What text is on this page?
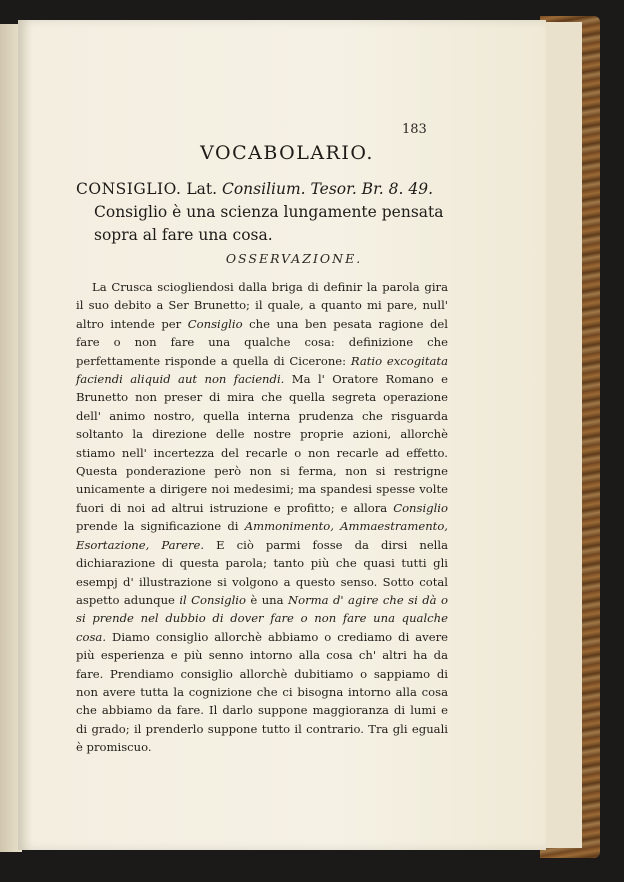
183
VOCABOLARIO.
CONSIGLIO. Lat. Consilium. Tesor. Br. 8. 49.
Consiglio è una scienza lungamente pensata sopra al fare una cosa.
OSSERVAZIONE.

La Crusca sciogliendosi dalla briga di definir la parola gira il suo debito a Ser Brunetto; il quale, a quanto mi pare, null' altro intende per Consiglio che una ben pesata ragione del fare o non fare una qualche cosa: definizione che perfettamente risponde a quella di Cicerone: Ratio excogitata faciendi aliquid aut non faciendi. Ma l' Oratore Romano e Brunetto non preser di mira che quella segreta operazione dell' animo nostro, quella interna prudenza che risguarda soltanto la direzione delle nostre proprie azioni, allorchè stiamo nell' incertezza del recarle o non recarle ad effetto. Questa ponderazione però non si ferma, non si restrigne unicamente a dirigere noi medesimi; ma spandesi spesse volte fuori di noi ad altrui istruzione e profitto; e allora Consiglio prende la significazione di Ammonimento, Ammaestramento, Esortazione, Parere. E ciò parmi fosse da dirsi nella dichiarazione di questa parola; tanto più che quasi tutti gli esempj d' illustrazione si volgono a questo senso. Sotto cotal aspetto adunque il Consiglio è una Norma d' agire che si dà o si prende nel dubbio di dover fare o non fare una qualche cosa. Diamo consiglio allorchè abbiamo o crediamo di avere più esperienza e più senno intorno alla cosa ch' altri ha da fare. Prendiamo consiglio allorchè dubitiamo o sappiamo di non avere tutta la cognizione che ci bisogna intorno alla cosa che abbiamo da fare. Il darlo suppone maggioranza di lumi e di grado; il prenderlo suppone tutto il contrario. Tra gli eguali è promiscuo.
